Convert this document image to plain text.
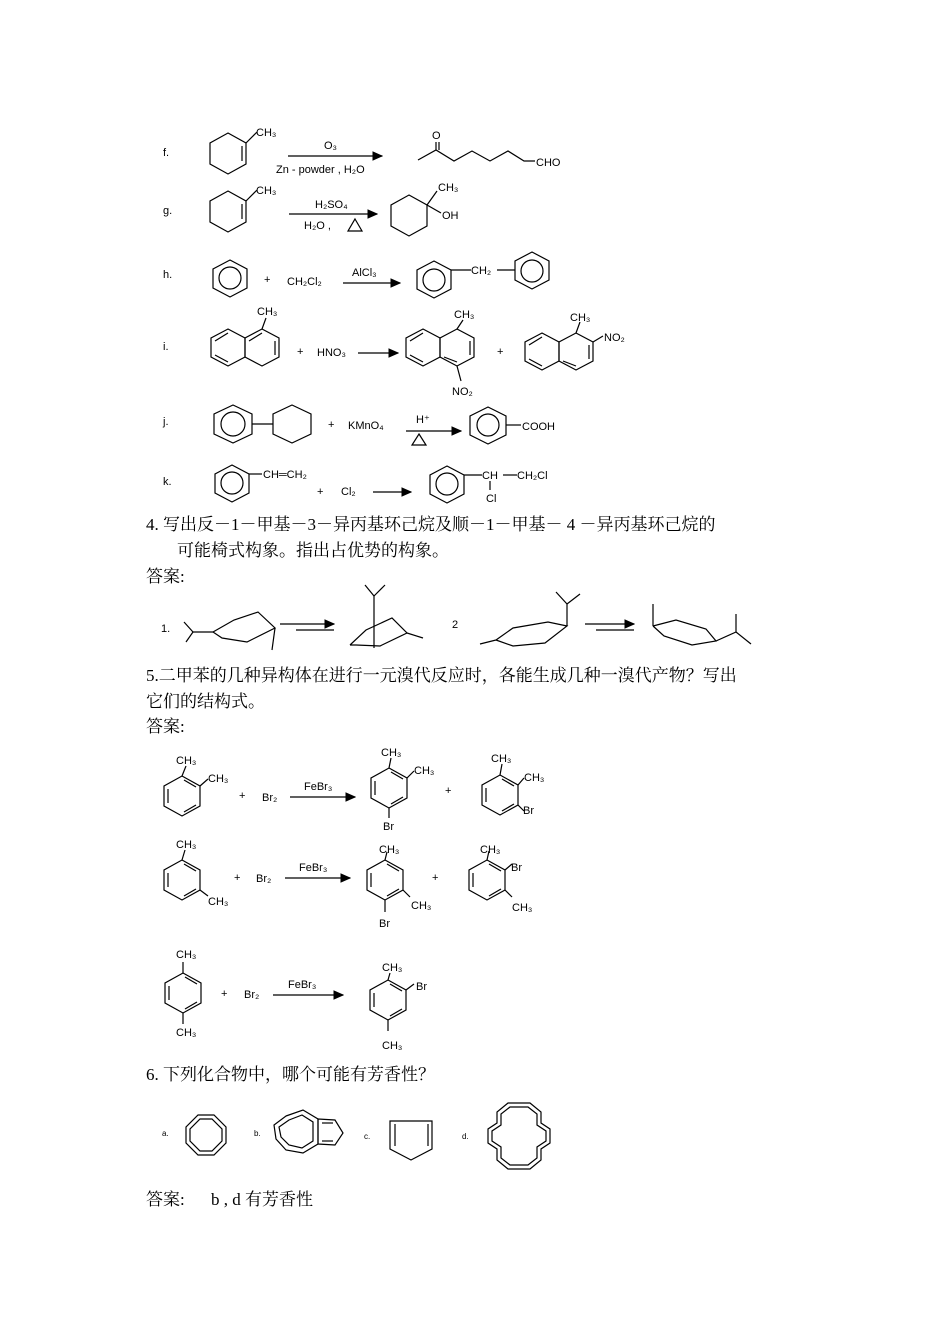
f.
CH₃
O₃
Zn - powder , H₂O
O
CHO
g.
CH₃
H₂SO₄
H₂O ,
CH₃
OH
h.	+ CH₂Cl₂
AlCl₃	CH₂
i.
CH₃
+ HNO₃
CH₃
NO₂
+
CH₃
NO₂
j.	+ KMnO₄	H⁺
COOH
k.
CH═CH₂
+ Cl₂
CH CH₂Cl
Cl
1.	2
CH₃
CH₃
+ Br₂
FeBr₃
CH₃
CH₃
Br
+
CH₃
CH₃
Br
CH₃
CH₃
+ Br₂
FeBr₃
CH₃
CH₃
Br
+
CH₃
Br
CH₃
CH₃
CH₃
+ Br₂
FeBr₃
CH₃
Br
CH₃
a.	b.	c.	d.
4. 写出反－1－甲基－3－异丙基环己烷及顺－1－甲基－ 4 －异丙基环己烷的
可能椅式构象。指出占优势的构象。
答案:
5.二甲苯的几种异构体在进行一元溴代反应时，各能生成几种一溴代产物？写出
它们的结构式。
答案:
6. 下列化合物中，哪个可能有芳香性？
答案: b , d 有芳香性
